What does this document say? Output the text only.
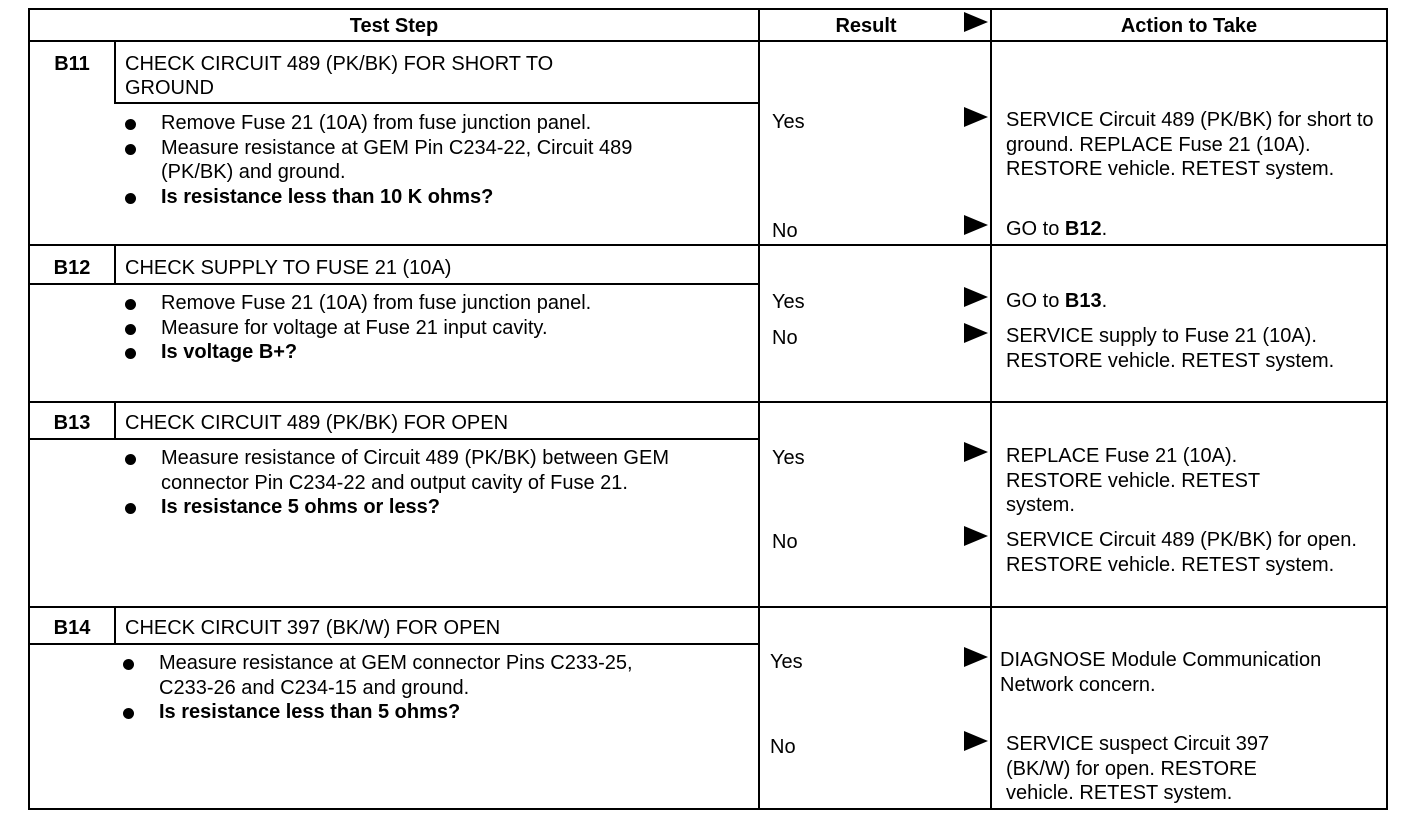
Test Step	Result	Action to Take
B11	CHECK CIRCUIT 489 (PK/BK) FOR SHORT TO GROUND
Remove Fuse 21 (10A) from fuse junction panel.
Measure resistance at GEM Pin C234-22, Circuit 489 (PK/BK) and ground.
Is resistance less than 10 K ohms?
Yes	SERVICE Circuit 489 (PK/BK) for short to ground. REPLACE Fuse 21 (10A). RESTORE vehicle. RETEST system.
No	GO to B12.
B12	CHECK SUPPLY TO FUSE 21 (10A)
Remove Fuse 21 (10A) from fuse junction panel.
Measure for voltage at Fuse 21 input cavity.
Is voltage B+?
Yes	GO to B13.
No	SERVICE supply to Fuse 21 (10A). RESTORE vehicle. RETEST system.
B13	CHECK CIRCUIT 489 (PK/BK) FOR OPEN
Measure resistance of Circuit 489 (PK/BK) between GEM connector Pin C234-22 and output cavity of Fuse 21.
Is resistance 5 ohms or less?
Yes	REPLACE Fuse 21 (10A). RESTORE vehicle. RETEST system.
No	SERVICE Circuit 489 (PK/BK) for open. RESTORE vehicle. RETEST system.
B14	CHECK CIRCUIT 397 (BK/W) FOR OPEN
Measure resistance at GEM connector Pins C233-25, C233-26 and C234-15 and ground.
Is resistance less than 5 ohms?
Yes	DIAGNOSE Module Communication Network concern.
No	SERVICE suspect Circuit 397 (BK/W) for open. RESTORE vehicle. RETEST system.
